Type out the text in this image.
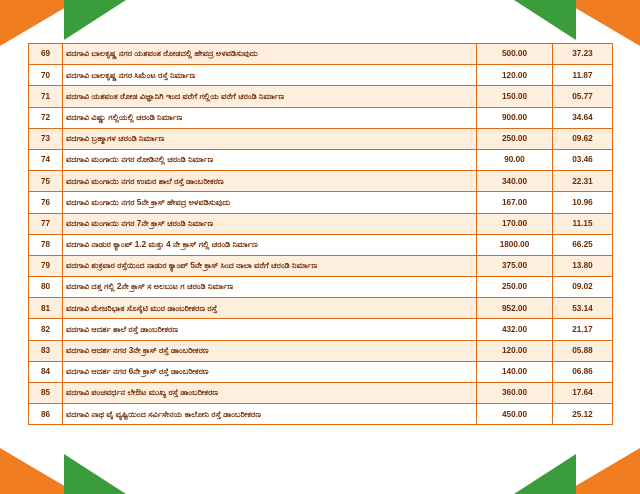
69	ವದಗಾವಿ ಬಾಲಕೃಷ್ಣ ನಗರ ಯಶವಂತ ರೋಡದಲ್ಲಿ ಹೇವದ್ರ ಅಳವಡಿಸುವುದು	500.00	37.23
70	ವದಗಾವಿ ಬಾಲಕೃಷ್ಣ ನಗರ ಸಿಮೆಂಟ ರಸ್ತೆ ನಿರ್ಮಾಣ	120.00	11.87
71	ವದಗಾವಿ ಯಶವಂತ ರೋಡ ವಿಜ್ಞಾನಿಗಿ ಇಂದ ವರೆಗೆ ಗಲ್ಲಿಯ ವರೆಗೆ ಚರಂಡಿ ನಿರ್ಮಾಣ	150.00	05.77
72	ವದಗಾವಿ ವಿಷ್ಣು ಗಲ್ಲಿಯಲ್ಲಿ ಚರಂಡಿ ನಿರ್ಮಾಣ	900.00	34.64
73	ವದಗಾವಿ ಬ್ರಹ್ಮಾಗಳ ಚರಂಡಿ ನಿರ್ಮಾಣ	250.00	09.62
74	ವದಗಾವಿ ಮಂಗಾಯಿ ನಗರ ರೋಡಿನಲ್ಲಿ ಚರಂಡಿ ನಿರ್ಮಾಣ	90.00	03.46
75	ವದಗಾವಿ ಮಂಗಾಯಿ ನಗರ ಉಮರ ಶಾಲೆ ರಸ್ತೆ ಡಾಂಬರೀಕರಣ	340.00	22.31
76	ವದಗಾವಿ ಮಂಗಾಯಿ ನಗರ 5ನೇ ಕ್ರಾಸ್ ಹೇವದ್ರ ಅಳವಡಿಸುವುದು	167.00	10.96
77	ವದಗಾವಿ ಮಂಗಾಯಿ ನಗರ 7ನೇ ಕ್ರಾಸ್ ಚರಂಡಿ ನಿರ್ಮಾಣ	170.00	11.15
78	ವದಗಾವಿ ನಾಡುರ ಕ್ಯಾಂಪ್ 1.2 ಮತ್ತು 4 ನೇ ಕ್ರಾಸ್ ಗಲ್ಲಿ ಚರಂಡಿ ನಿರ್ಮಾಣ	1800.00	66.25
79	ವದಗಾವಿ ಶುಕ್ರವಾರ ರಸ್ತೆಯಿಂದ ನಾಡುರ ಕ್ಯಾಂಪ್ 5ನೇ ಕ್ರಾಸ್ ಸಿಂದ ನಾಲಾ ವರೆಗೆ ಚರಂಡಿ ನಿರ್ಮಾಣ	375.00	13.80
80	ವದಗಾವಿ ದತ್ತ ಗಲ್ಲಿ 2ನೇ ಕ್ರಾಸ್ ಸ ಅಲಬುಟ ಗ ಚರಂಡಿ ನಿರ್ಮಾಣ	250.00	09.02
81	ವದಗಾವಿ ಮೇಜರಿಭಾತ ಸೊಸೈಟಿ ಮುರ ಡಾಂಬರೀಕರಣ ರಸ್ತೆ	952.00	53.14
82	ವದಗಾವಿ ಆದರ್ಶ ಶಾಲೆ ರಸ್ತೆ ಡಾಂಬರೀಕರಣ	432.00	21.17
83	ವದಗಾವಿ ಆದರ್ಶ ನಗರ 3ನೇ ಕ್ರಾಸ್ ರಸ್ತೆ ಡಾಂಬರೀಕರಣ	120.00	05.88
84	ವದಗಾವಿ ಆದರ್ಶ ನಗರ 6ನೇ ಕ್ರಾಸ್ ರಸ್ತೆ ಡಾಂಬರೀಕರಣ	140.00	06.86
85	ವದಗಾವಿ ಪಂಚವರ್ಧನ ಲೇಔಟ ಮುಖ್ಯ ರಸ್ತೆ ಡಾಂಬರೀಕರಣ	360.00	17.64
86	ವದಗಾವಿ ನಾಥ ವೈ ವ್ಯಷ್ಟಿಯಿಂದ ಸರ್ವಿಸೇನಯ ಕಾಲೋನಿ ರಸ್ತೆ ಡಾಂಬರೀಕರಣ	450.00	25.12
